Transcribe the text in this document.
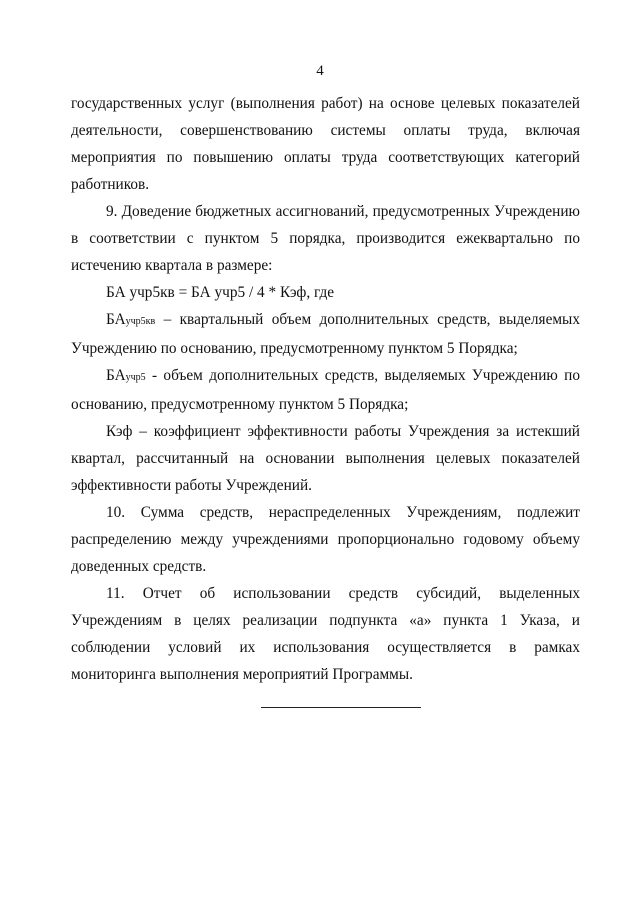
4

государственных услуг (выполнения работ) на основе целевых показателей деятельности, совершенствованию системы оплаты труда, включая мероприятия по повышению оплаты труда соответствующих категорий работников.

9. Доведение бюджетных ассигнований, предусмотренных Учреждению в соответствии с пунктом 5 порядка, производится ежеквартально по истечению квартала в размере:

БА учр5кв = БА учр5 / 4 * Кэф, где

БАучр5кв – квартальный объем дополнительных средств, выделяемых Учреждению по основанию, предусмотренному пунктом 5 Порядка;

БАучр5 - объем дополнительных средств, выделяемых Учреждению по основанию, предусмотренному пунктом 5 Порядка;

Кэф – коэффициент эффективности работы Учреждения за истекший квартал, рассчитанный на основании выполнения целевых показателей эффективности работы Учреждений.

10. Сумма средств, нераспределенных Учреждениям, подлежит распределению между учреждениями пропорционально годовому объему доведенных средств.

11. Отчет об использовании средств субсидий, выделенных Учреждениям в целях реализации подпункта «а» пункта 1 Указа, и соблюдении условий их использования осуществляется в рамках мониторинга выполнения мероприятий Программы.
